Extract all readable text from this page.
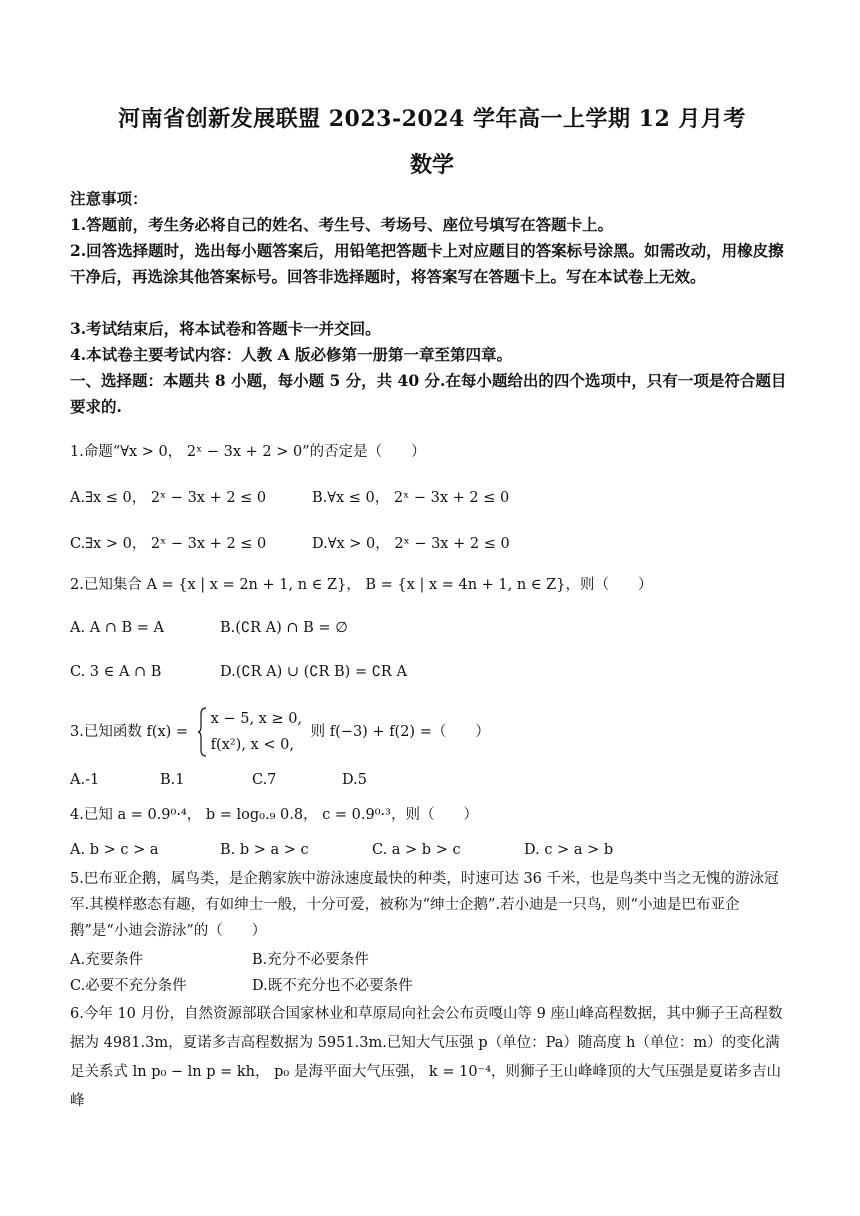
河南省创新发展联盟 2023-2024 学年高一上学期 12 月月考
数学
注意事项：
1.答题前，考生务必将自己的姓名、考生号、考场号、座位号填写在答题卡上。
2.回答选择题时，选出每小题答案后，用铅笔把答题卡上对应题目的答案标号涂黑。如需改动，用橡皮擦干净后，再选涂其他答案标号。回答非选择题时，将答案写在答题卡上。写在本试卷上无效。
3.考试结束后，将本试卷和答题卡一并交回。
4.本试卷主要考试内容：人教 A 版必修第一册第一章至第四章。
一、选择题：本题共 8 小题，每小题 5 分，共 40 分.在每小题给出的四个选项中，只有一项是符合题目要求的.
1.命题“∀x > 0， 2ˣ − 3x + 2 > 0”的否定是（　　）
A.∃x ≤ 0， 2ˣ − 3x + 2 ≤ 0	B.∀x ≤ 0， 2ˣ − 3x + 2 ≤ 0
C.∃x > 0， 2ˣ − 3x + 2 ≤ 0	D.∀x > 0， 2ˣ − 3x + 2 ≤ 0
2.已知集合 A = {x | x = 2n + 1, n ∈ Z}， B = {x | x = 4n + 1, n ∈ Z}，则（　　）
A. A ∩ B = A	B.(∁R A) ∩ B = ∅
C. 3 ∈ A ∩ B	D.(∁R A) ∪ (∁R B) = ∁R A
3.已知函数 f(x) =
x − 5, x ≥ 0,
f(x²), x < 0,
则 f(−3) + f(2) =（　　）
A.-1	B.1	C.7	D.5
4.已知 a = 0.9⁰·⁴， b = log₀.₉ 0.8， c = 0.9⁰·³，则（　　）
A. b > c > a	B. b > a > c	C. a > b > c	D. c > a > b
5.巴布亚企鹅，属鸟类，是企鹅家族中游泳速度最快的种类，时速可达 36 千米，也是鸟类中当之无愧的游泳冠军.其模样憨态有趣，有如绅士一般，十分可爱，被称为“绅士企鹅”.若小迪是一只鸟，则“小迪是巴布亚企鹅”是“小迪会游泳”的（　　）
A.充要条件	B.充分不必要条件
C.必要不充分条件	D.既不充分也不必要条件
6.今年 10 月份，自然资源部联合国家林业和草原局向社会公布贡嘎山等 9 座山峰高程数据，其中狮子王高程数据为 4981.3m，夏诺多吉高程数据为 5951.3m.已知大气压强 p（单位：Pa）随高度 h（单位：m）的变化满足关系式 ln p₀ − ln p = kh， p₀ 是海平面大气压强， k = 10⁻⁴，则狮子王山峰峰顶的大气压强是夏诺多吉山峰
